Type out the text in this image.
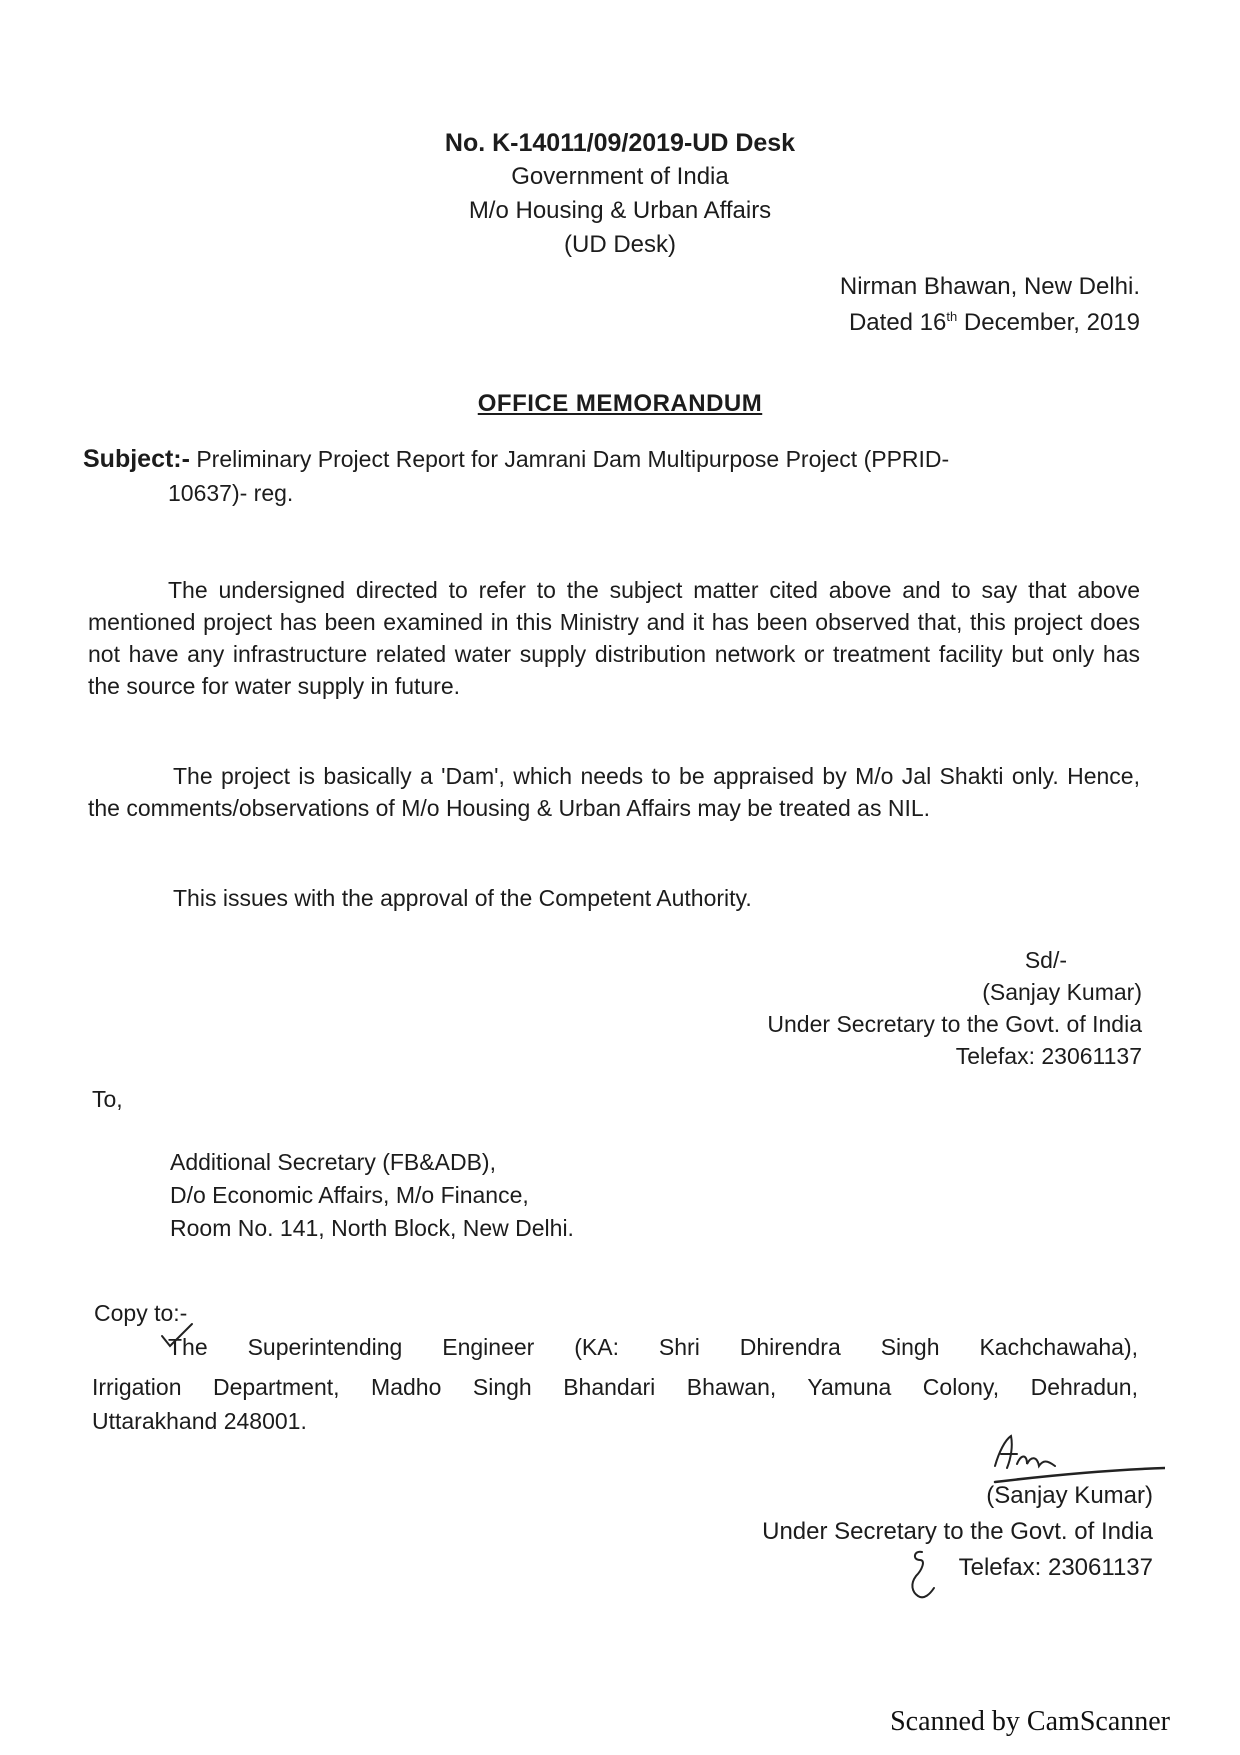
No. K-14011/09/2019-UD Desk
Government of India
M/o Housing & Urban Affairs
(UD Desk)
Nirman Bhawan, New Delhi.
Dated 16th December, 2019
OFFICE MEMORANDUM
Subject:- Preliminary Project Report for Jamrani Dam Multipurpose Project (PPRID-
10637)- reg.

The undersigned directed to refer to the subject matter cited above and to say that above mentioned project has been examined in this Ministry and it has been observed that, this project does not have any infrastructure related water supply distribution network or treatment facility but only has the source for water supply in future.

The project is basically a 'Dam', which needs to be appraised by M/o Jal Shakti only. Hence, the comments/observations of M/o Housing & Urban Affairs may be treated as NIL.

This issues with the approval of the Competent Authority.

Sd/-
(Sanjay Kumar)
Under Secretary to the Govt. of India
Telefax: 23061137
To,
Additional Secretary (FB&ADB),
D/o Economic Affairs, M/o Finance,
Room No. 141, North Block, New Delhi.
Copy to:-
The Superintending Engineer (KA: Shri Dhirendra Singh Kachchawaha),
Irrigation Department, Madho Singh Bhandari Bhawan, Yamuna Colony, Dehradun,
Uttarakhand 248001.
(Sanjay Kumar)
Under Secretary to the Govt. of India
Telefax: 23061137
Scanned by CamScanner
